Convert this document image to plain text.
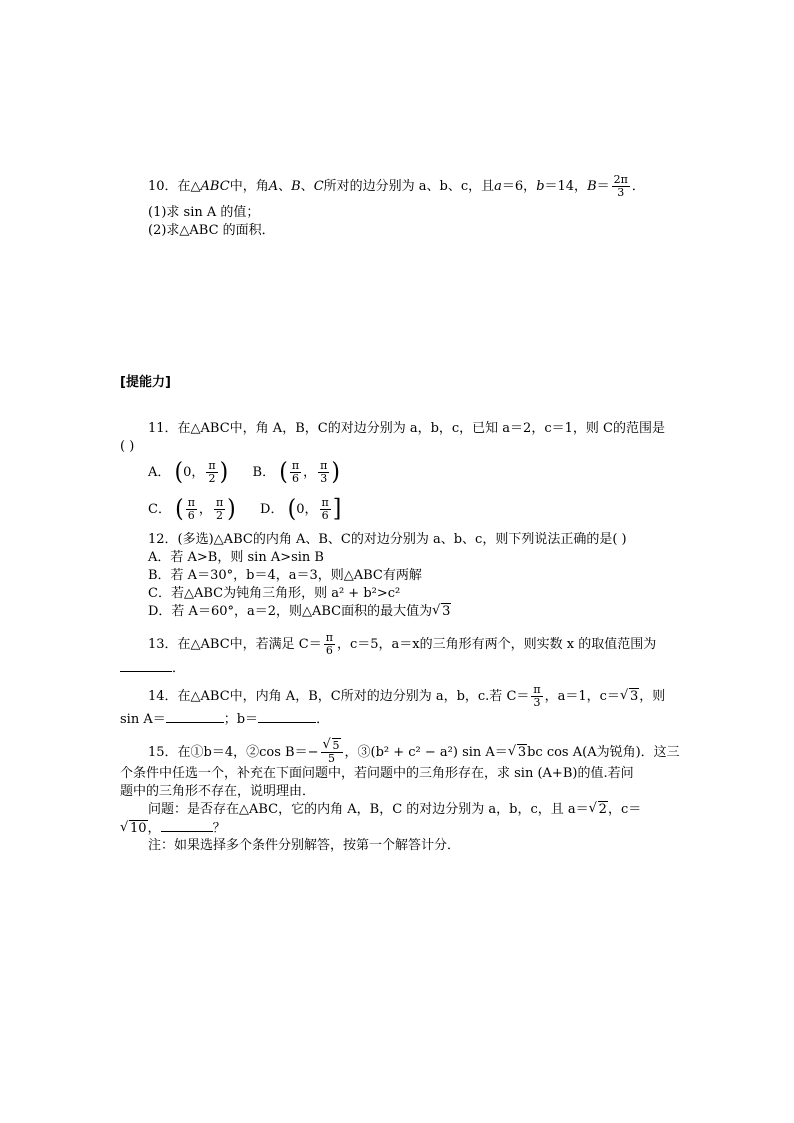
10．在△ABC中，角A、B、C所对的边分别为 a、b、c，且a＝6，b＝14，$B= \frac{2\pi}{3}$ ．
(1)求 sin A 的值；
(2)求△ABC 的面积．
[提能力]
11．在△ABC中，角 A，B，C的对边分别为 a，b，c，已知 a＝2，c＝1，则 C的范围是
( )
A． (0， $\frac{\pi}{2}$ ) B． ( $\frac{\pi}{6}$ ， $\frac{\pi}{3}$ )
C． ( $\frac{\pi}{6}$ ， $\frac{\pi}{2}$ ) D． (0， $\frac{\pi}{6}$ ]
12．(多选)△ABC的内角 A、B、C的对边分别为 a、b、c，则下列说法正确的是( )
A．若 A>B，则 sin A>sin B
B．若 A＝30°，b＝4，a＝3，则△ABC有两解
C．若△ABC为钝角三角形，则 a² + b²>c²
D．若 A＝60°，a＝2，则△ABC面积的最大值为 √ 3
13．在△ABC中，若满足 $C= \frac{\pi}{6}$ ，c＝5，a＝x的三角形有两个，则实数 x 的取值范围为
．
14．在△ABC中，内角 A，B，C所对的边分别为 a，b，c.若 $C= \frac{\pi}{3}$ ，a＝1，c＝ √ 3，则
sin A＝	；b＝	．
15．在①b＝4，②cos B＝− √ $\frac{5}{5}$ ，③(b² + c² − a²) sin A＝ √ 3bc cos A(A为锐角)．这三
个条件中任选一个，补充在下面问题中，若问题中的三角形存在，求 sin (A+B)的值.若问
题中的三角形不存在，说明理由．
问题：是否存在△ABC，它的内角 A，B，C 的对边分别为 a，b，c，且 a＝ √ 2，c＝
√ 10，	？
注：如果选择多个条件分别解答，按第一个解答计分．
